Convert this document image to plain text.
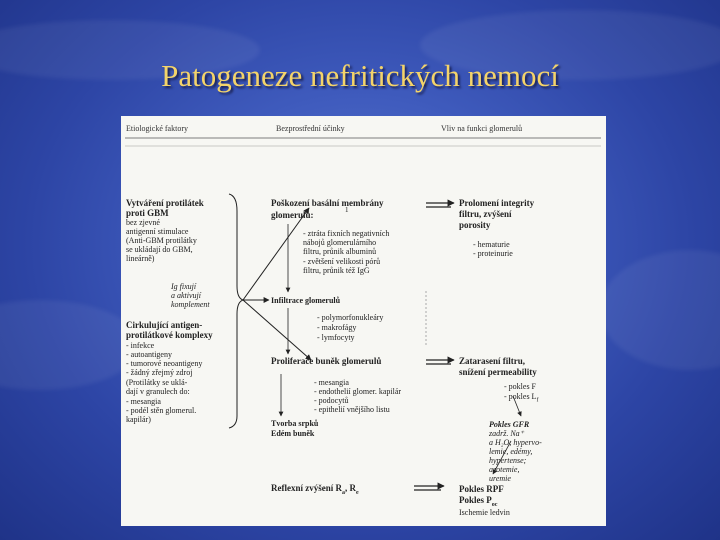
Patogeneze nefritických nemocí
Etiologické faktory	Bezprostřední účinky	Vliv na funkci glomerulů
Vytváření protilátek
proti GBM
bez zjevné
antigenní stimulace
(Anti-GBM protilátky
se ukládají do GBM,
lineárně)
Ig fixují
a aktivují
komplement
Cirkulující antigen-
protilátkové komplexy
- infekce
- autoantigeny
- tumorové neoantigeny
- žádný zřejmý zdroj
(Protilátky se uklá-
dají v granulech do:
- mesangia
- podél stěn glomerul.
kapilár)
Poškození basální membrány
glomerulů:	1
- ztráta fixních negativních
nábojů glomerulárního
filtru, průnik albuminů
- zvětšení velikosti pórů
filtru, průnik též IgG
Infiltrace glomerulů
- polymorfonukleáry
- makrofágy
- lymfocyty
Proliferace buněk glomerulů
- mesangia
- endothelií glomer. kapilár
- podocytů
- epithelií vnějšího listu
Tvorba srpků
Edém buněk
Reflexní zvýšení $R_a$, $R_e$
Prolomení integrity
filtru, zvýšení
porosity
- hematurie
- proteinurie
Zatarasení filtru,
snížení permeability
- pokles F
- pokles $L_f$
Pokles GFR
zadrž. Na⁺
a H₂O, hypervo-
lemie, edémy,
hypertense;
azotemie,
uremie
Pokles RPF
Pokles $P_{oc}$
Ischemie ledvin
